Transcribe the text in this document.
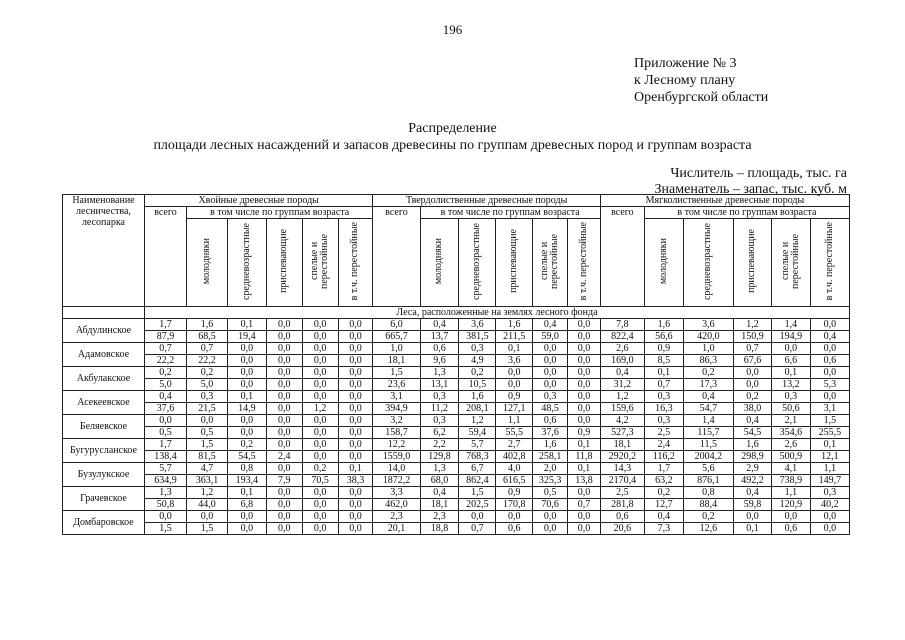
196
Приложение № 3
к Лесному плану
Оренбургской области
Распределение
площади лесных насаждений и запасов древесины по группам древесных пород и группам возраста
Числитель – площадь, тыс. га
Знаменатель – запас, тыс. куб. м
Наименование лесничества, лесопарка	Хвойные древесные породы						Твердолиственные древесные породы						Мягколиственные древесные породы					
	всего	в том числе по группам возраста					всего	в том числе по группам возраста					всего	в том числе по группам возраста				
		молодняки	средневозрастные	приспевающие	спелые и перестойные	в т.ч. перестойные		молодняки	средневозрастные	приспевающие	спелые и перестойные	в т.ч. перестойные		молодняки	средневозрастные	приспевающие	спелые и перестойные	в т.ч. перестойные
	Леса, расположенные на землях лесного фонда																	
Абдулинское	1,7	1,6	0,1	0,0	0,0	0,0	6,0	0,4	3,6	1,6	0,4	0,0	7,8	1,6	3,6	1,2	1,4	0,0
	87,9	68,5	19,4	0,0	0,0	0,0	665,7	13,7	381,5	211,5	59,0	0,0	822,4	56,6	420,0	150,9	194,9	0,4
Адамовское	0,7	0,7	0,0	0,0	0,0	0,0	1,0	0,6	0,3	0,1	0,0	0,0	2,6	0,9	1,0	0,7	0,0	0,0
	22,2	22,2	0,0	0,0	0,0	0,0	18,1	9,6	4,9	3,6	0,0	0,0	169,0	8,5	86,3	67,6	6,6	0,6
Акбулакское	0,2	0,2	0,0	0,0	0,0	0,0	1,5	1,3	0,2	0,0	0,0	0,0	0,4	0,1	0,2	0,0	0,1	0,0
	5,0	5,0	0,0	0,0	0,0	0,0	23,6	13,1	10,5	0,0	0,0	0,0	31,2	0,7	17,3	0,0	13,2	5,3
Асекеевское	0,4	0,3	0,1	0,0	0,0	0,0	3,1	0,3	1,6	0,9	0,3	0,0	1,2	0,3	0,4	0,2	0,3	0,0
	37,6	21,5	14,9	0,0	1,2	0,0	394,9	11,2	208,1	127,1	48,5	0,0	159,6	16,3	54,7	38,0	50,6	3,1
Беляевское	0,0	0,0	0,0	0,0	0,0	0,0	3,2	0,3	1,2	1,1	0,6	0,0	4,2	0,3	1,4	0,4	2,1	1,5
	0,5	0,5	0,0	0,0	0,0	0,0	158,7	6,2	59,4	55,5	37,6	0,9	527,3	2,5	115,7	54,5	354,6	255,5
Бугурусланское	1,7	1,5	0,2	0,0	0,0	0,0	12,2	2,2	5,7	2,7	1,6	0,1	18,1	2,4	11,5	1,6	2,6	0,1
	138,4	81,5	54,5	2,4	0,0	0,0	1559,0	129,8	768,3	402,8	258,1	11,8	2920,2	116,2	2004,2	298,9	500,9	12,1
Бузулукское	5,7	4,7	0,8	0,0	0,2	0,1	14,0	1,3	6,7	4,0	2,0	0,1	14,3	1,7	5,6	2,9	4,1	1,1
	634,9	363,1	193,4	7,9	70,5	38,3	1872,2	68,0	862,4	616,5	325,3	13,8	2170,4	63,2	876,1	492,2	738,9	149,7
Грачевское	1,3	1,2	0,1	0,0	0,0	0,0	3,3	0,4	1,5	0,9	0,5	0,0	2,5	0,2	0,8	0,4	1,1	0,3
	50,8	44,0	6,8	0,0	0,0	0,0	462,0	18,1	202,5	170,8	70,6	0,7	281,8	12,7	88,4	59,8	120,9	40,2
Домбаровское	0,0	0,0	0,0	0,0	0,0	0,0	2,3	2,3	0,0	0,0	0,0	0,0	0,6	0,4	0,2	0,0	0,0	0,0
	1,5	1,5	0,0	0,0	0,0	0,0	20,1	18,8	0,7	0,6	0,0	0,0	20,6	7,3	12,6	0,1	0,6	0,0
